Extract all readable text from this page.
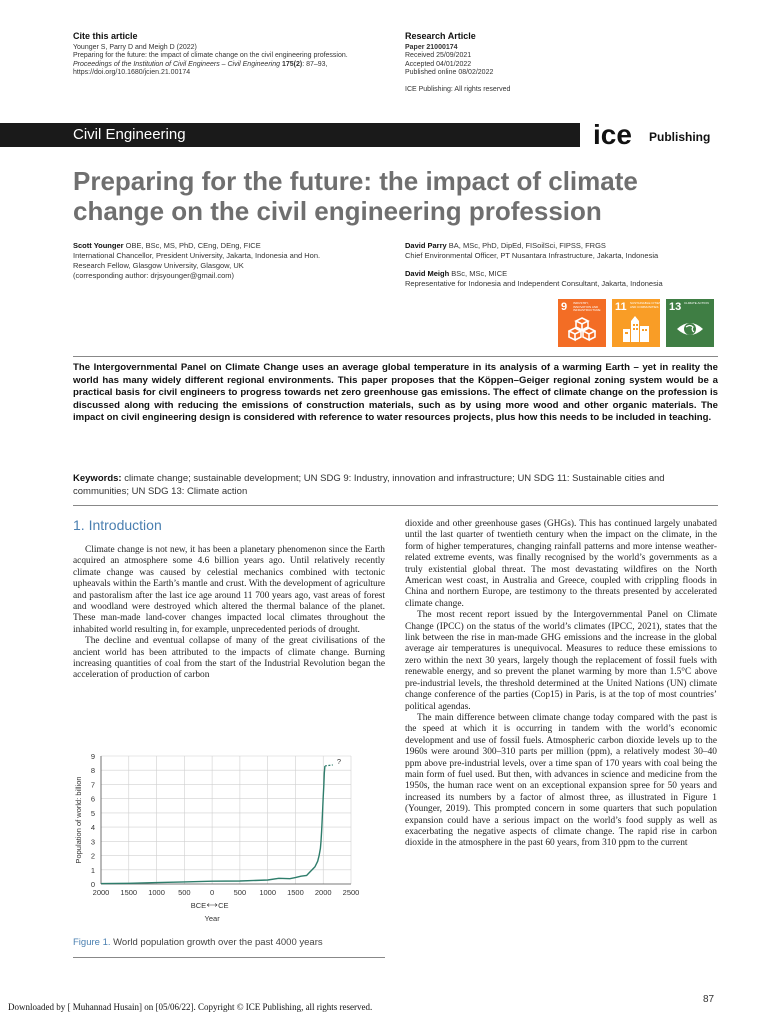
Cite this article
Younger S, Parry D and Meigh D (2022)
Preparing for the future: the impact of climate change on the civil engineering profession.
Proceedings of the Institution of Civil Engineers – Civil Engineering 175(2): 87–93,
https://doi.org/10.1680/jcien.21.00174
Research Article
Paper 21000174
Received 25/09/2021
Accepted 04/01/2022
Published online 08/02/2022
ICE Publishing: All rights reserved
Civil Engineering	ice Publishing
Preparing for the future: the impact of climate change on the civil engineering profession
Scott Younger OBE, BSc, MS, PhD, CEng, DEng, FICE
International Chancellor, President University, Jakarta, Indonesia and Hon.
Research Fellow, Glasgow University, Glasgow, UK
(corresponding author: drjsyounger@gmail.com)
David Parry BA, MSc, PhD, DipEd, FISoilSci, FIPSS, FRGS
Chief Environmental Officer, PT Nusantara Infrastructure, Jakarta, Indonesia
David Meigh BSc, MSc, MICE
Representative for Indonesia and Independent Consultant, Jakarta, Indonesia
9 INDUSTRY, INNOVATION AND INFRASTRUCTURE	11 SUSTAINABLE CITIES AND COMMUNITIES 13 CLIMATE ACTION
The Intergovernmental Panel on Climate Change uses an average global temperature in its analysis of a warming Earth – yet in reality the world has many widely different regional environments. This paper proposes that the Köppen–Geiger regional zoning system would be a practical basis for civil engineers to progress towards net zero greenhouse gas emissions. The effect of climate change on the profession is discussed along with reducing the emissions of construction materials, such as by using more wood and other organic materials. The impact on civil engineering design is considered with reference to water resources projects, plus how this needs to be included in teaching.
Keywords: climate change; sustainable development; UN SDG 9: Industry, innovation and infrastructure; UN SDG 11: Sustainable cities and communities; UN SDG 13: Climate action
1. Introduction

Climate change is not new, it has been a planetary phenomenon since the Earth acquired an atmosphere some 4.6 billion years ago. Until relatively recently climate change was caused by celestial mechanics combined with tectonic upheavals within the Earth’s mantle and crust. With the development of agriculture and pastoralism after the last ice age around 11 700 years ago, vast areas of forest and woodland were destroyed which altered the thermal balance of the planet. These man-made land-cover changes impacted local climates throughout the inhabited world resulting in, for example, unprecedented periods of drought.

The decline and eventual collapse of many of the great civilisations of the ancient world has been attributed to the impacts of climate change. Burning increasing quantities of coal from the start of the Industrial Revolution began the acceleration of production of carbon

dioxide and other greenhouse gases (GHGs). This has continued largely unabated until the last quarter of twentieth century when the impact on the climate, in the form of higher temperatures, changing rainfall patterns and more intense weather-related extreme events, was finally recognised by the world’s governments as a truly existential global threat. The most devastating wildfires on the North American west coast, in Australia and Greece, coupled with crippling floods in China and northern Europe, are testimony to the threats presented by accelerated climate change.

The most recent report issued by the Intergovernmental Panel on Climate Change (IPCC) on the status of the world’s climates (IPCC, 2021), states that the link between the rise in man-made GHG emissions and the increase in the global average air temperatures is unequivocal. Measures to reduce these emissions to zero within the next 30 years, largely though the replacement of fossil fuels with renewable energy, and so prevent the planet warming by more than 1.5°C above pre-industrial levels, the threshold determined at the United Nations (UN) climate change conference of the parties (Cop15) in Paris, is at the top of most countries’ political agendas.

The main difference between climate change today compared with the past is the speed at which it is occurring in tandem with the world’s economic development and use of fossil fuels. Atmospheric carbon dioxide levels up to the 1960s were around 300–310 parts per million (ppm), a relatively modest 30–40 ppm above pre-industrial levels, over a time span of 170 years with coal being the main form of fuel used. But then, with advances in science and medicine from the 1950s, the human race went on an exceptional expansion spree for 50 years and increased its numbers by a factor of almost three, as illustrated in Figure 1 (Younger, 2019). This prompted concern in some quarters that such population expansion could have a serious impact on the world’s food supply as well as exacerbating the negative aspects of climate change. The rapid rise in carbon dioxide in the atmosphere in the past 60 years, from 310 ppm to the current

0
1
2
3
4
5
6
7
8
9
2000 1500 1000 500	0	500 1000 1500 2000 2500
BCE CE
Year
Population of world: billion
?
Figure 1. World population growth over the past 4000 years
87
Downloaded by [ Muhannad Husain] on [05/06/22]. Copyright © ICE Publishing, all rights reserved.
